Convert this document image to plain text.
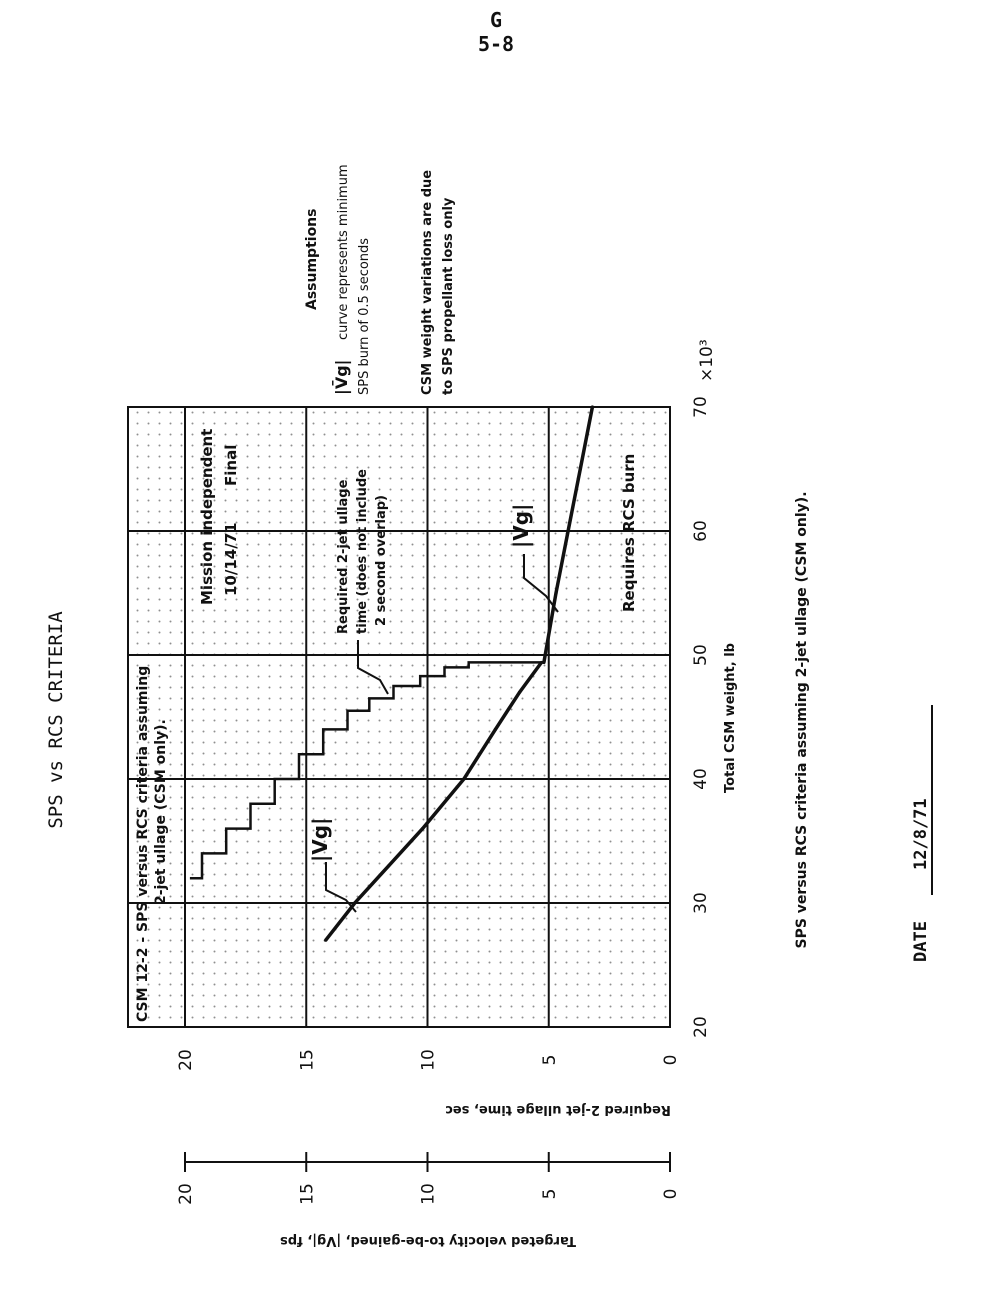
G
5-8
SPS vs RCS CRITERIA
20
30
40
50
60
70
0
5
10
15
20
CSM 12-2 - SPS versus RCS criteria assuming 2-jet ullage (CSM only).
Mission independent 10/14/71
Final
Required 2-jet ullage time (does not include 2 second overlap)
|Vg|
|Vg|	Requires RCS burn
Total CSM weight, lb
×10³
Required 2-jet ullage time, sec
0
5
10
15
20
Targeted velocity to-be-gained, |Vg|, fps
Assumptions
|V̄g|
curve represents minimum SPS burn of 0.5 seconds	CSM weight variations are due to SPS propellant loss only
SPS versus RCS criteria assuming 2-jet ullage (CSM only).	DATE
12/8/71
